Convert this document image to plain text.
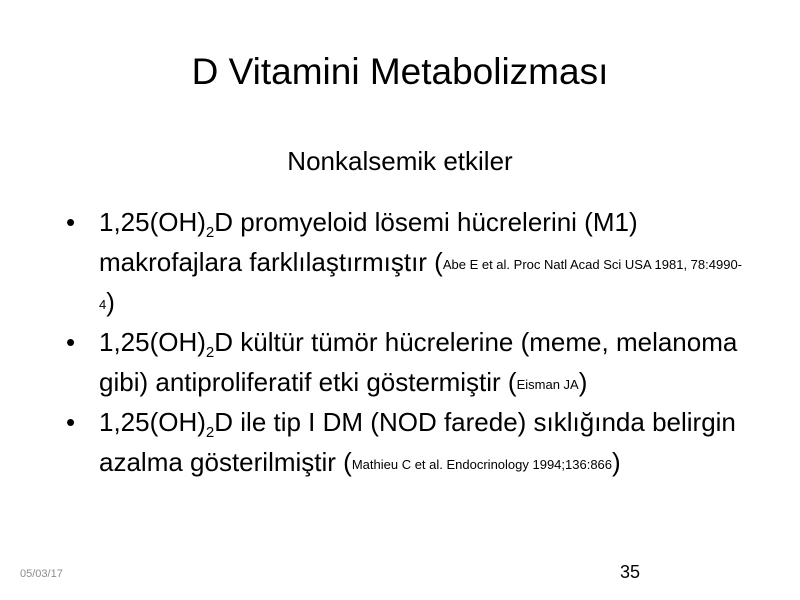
D Vitamini Metabolizması
Nonkalsemik etkiler
• $1,25(OH)_2D$ promyeloid lösemi hücrelerini (M1) makrofajlara farklılaştırmıştır (Abe E et al. Proc Natl Acad Sci USA 1981, 78:4990-4)
• $1,25(OH)_2D$ kültür tümör hücrelerine (meme, melanoma gibi) antiproliferatif etki göstermiştir (Eisman JA)
• $1,25(OH)_2D$ ile tip I DM (NOD farede) sıklığında belirgin azalma gösterilmiştir (Mathieu C et al. Endocrinology 1994;136:866)
05/03/17	35
